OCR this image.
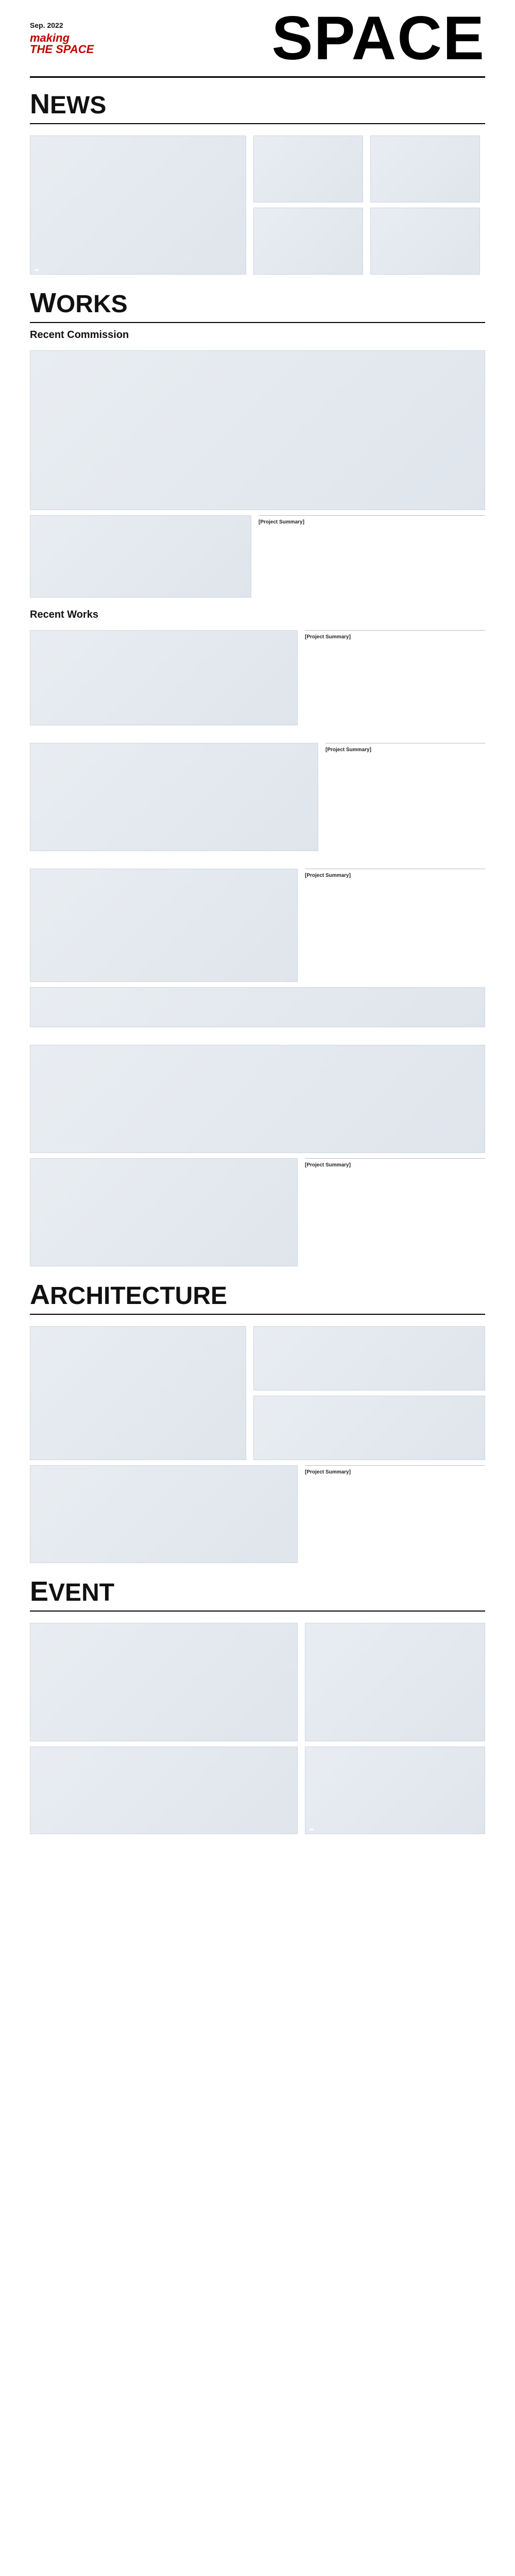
Sep. 2022
making
THE SPACE	SPACE
NEWS
WORKS
Recent Commission
[Project Summary]
Recent Works
[Project Summary]
[Project Summary]
[Project Summary]
[Project Summary]
ARCHITECTURE
[Project Summary]
EVENT
